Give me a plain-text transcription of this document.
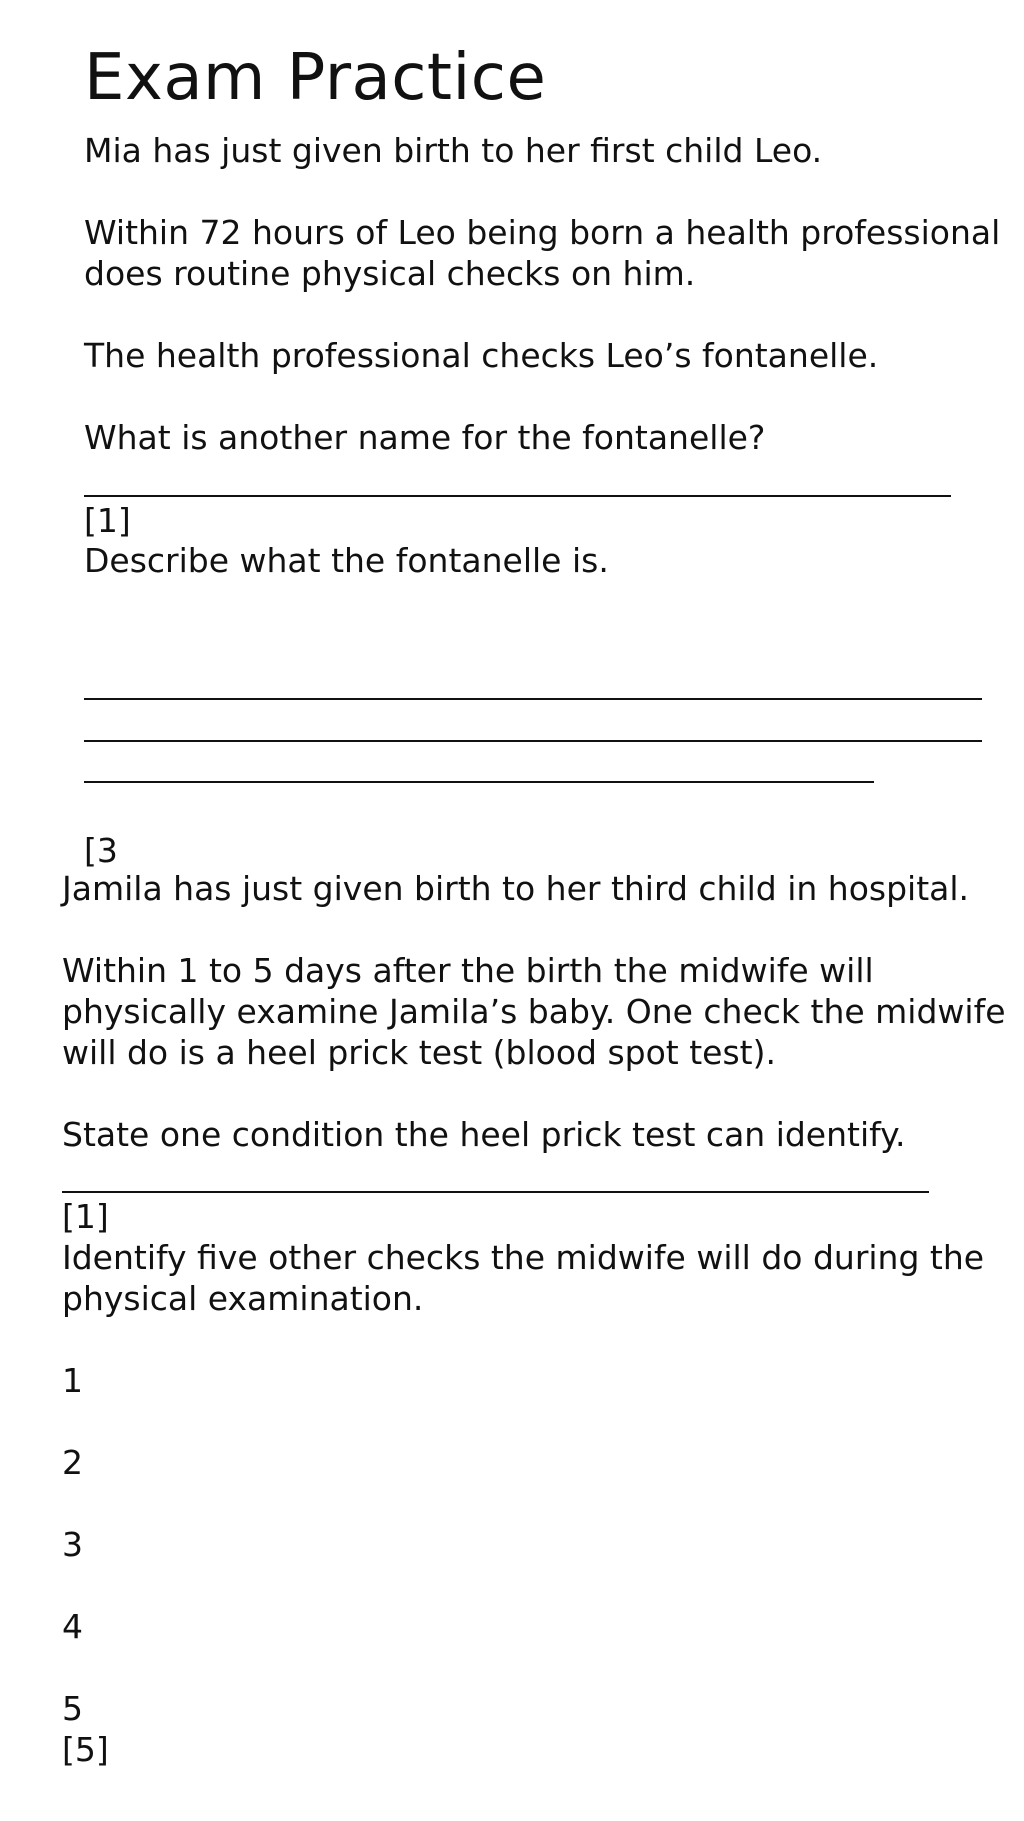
Exam Practice
Mia has just given birth to her first child Leo.
Within 72 hours of Leo being born a health professional
does routine physical checks on him.
The health professional checks Leo’s fontanelle.
What is another name for the fontanelle?
[1]
Describe what the fontanelle is.
[3
Jamila has just given birth to her third child in hospital.
Within 1 to 5 days after the birth the midwife will
physically examine Jamila’s baby. One check the midwife
will do is a heel prick test (blood spot test).
State one condition the heel prick test can identify.
[1]
Identify five other checks the midwife will do during the
physical examination.
1
2
3
4
5
[5]
